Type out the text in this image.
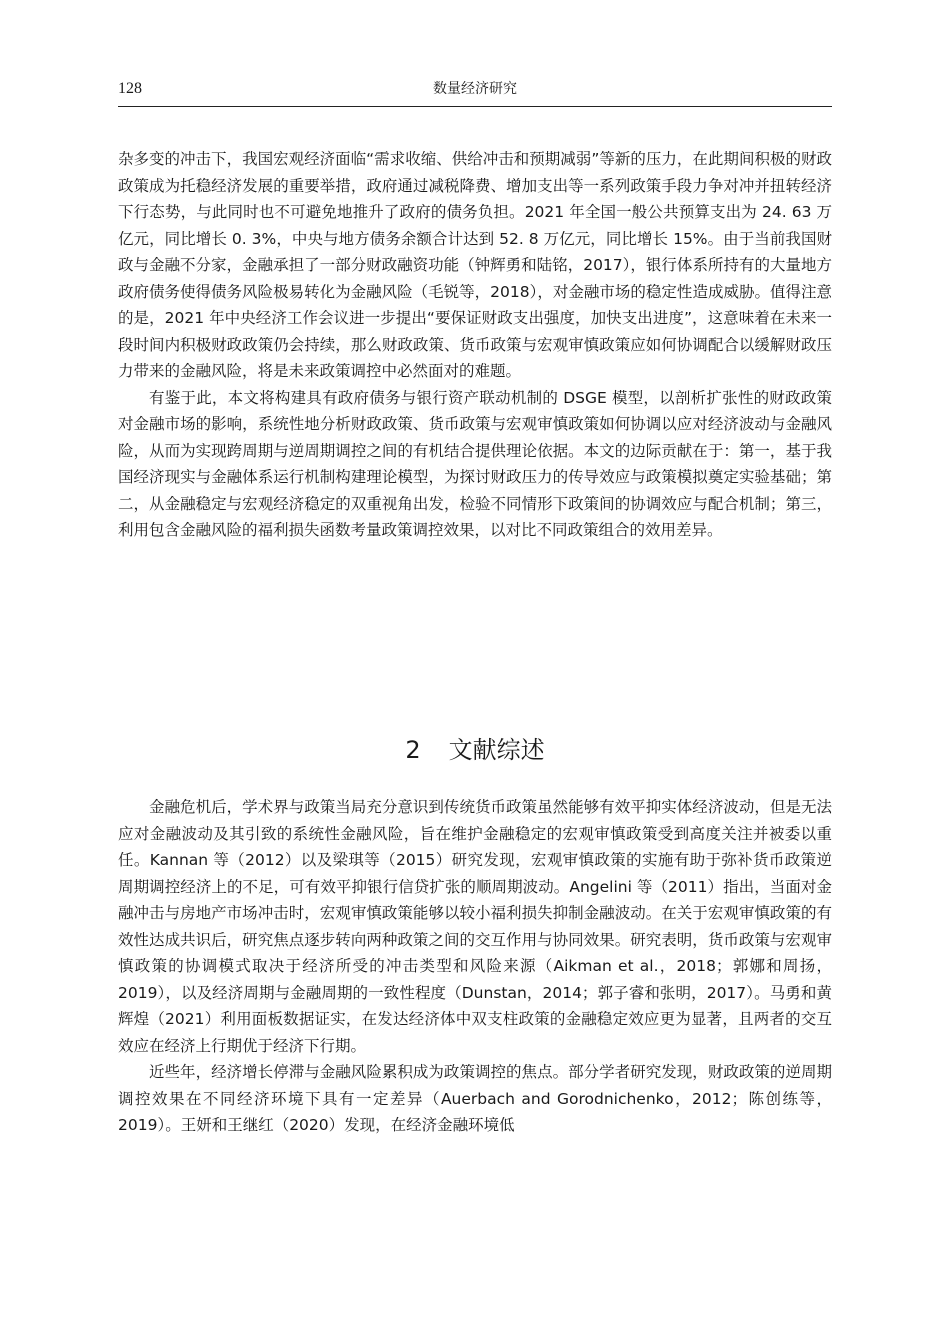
128	数量经济研究

杂多变的冲击下，我国宏观经济面临“需求收缩、供给冲击和预期减弱”等新的压力，在此期间积极的财政政策成为托稳经济发展的重要举措，政府通过减税降费、增加支出等一系列政策手段力争对冲并扭转经济下行态势，与此同时也不可避免地推升了政府的债务负担。2021 年全国一般公共预算支出为 24. 63 万亿元，同比增长 0. 3%，中央与地方债务余额合计达到 52. 8 万亿元，同比增长 15%。由于当前我国财政与金融不分家，金融承担了一部分财政融资功能（钟辉勇和陆铭，2017），银行体系所持有的大量地方政府债务使得债务风险极易转化为金融风险（毛锐等，2018），对金融市场的稳定性造成威胁。值得注意的是，2021 年中央经济工作会议进一步提出“要保证财政支出强度，加快支出进度”，这意味着在未来一段时间内积极财政政策仍会持续，那么财政政策、货币政策与宏观审慎政策应如何协调配合以缓解财政压力带来的金融风险，将是未来政策调控中必然面对的难题。

有鉴于此，本文将构建具有政府债务与银行资产联动机制的 DSGE 模型，以剖析扩张性的财政政策对金融市场的影响，系统性地分析财政政策、货币政策与宏观审慎政策如何协调以应对经济波动与金融风险，从而为实现跨周期与逆周期调控之间的有机结合提供理论依据。本文的边际贡献在于：第一，基于我国经济现实与金融体系运行机制构建理论模型，为探讨财政压力的传导效应与政策模拟奠定实验基础；第二，从金融稳定与宏观经济稳定的双重视角出发，检验不同情形下政策间的协调效应与配合机制；第三，利用包含金融风险的福利损失函数考量政策调控效果，以对比不同政策组合的效用差异。

2 文献综述

金融危机后，学术界与政策当局充分意识到传统货币政策虽然能够有效平抑实体经济波动，但是无法应对金融波动及其引致的系统性金融风险，旨在维护金融稳定的宏观审慎政策受到高度关注并被委以重任。Kannan 等（2012）以及梁琪等（2015）研究发现，宏观审慎政策的实施有助于弥补货币政策逆周期调控经济上的不足，可有效平抑银行信贷扩张的顺周期波动。Angelini 等（2011）指出，当面对金融冲击与房地产市场冲击时，宏观审慎政策能够以较小福利损失抑制金融波动。在关于宏观审慎政策的有效性达成共识后，研究焦点逐步转向两种政策之间的交互作用与协同效果。研究表明，货币政策与宏观审慎政策的协调模式取决于经济所受的冲击类型和风险来源（Aikman et al.，2018；郭娜和周扬，2019），以及经济周期与金融周期的一致性程度（Dunstan，2014；郭子睿和张明，2017）。马勇和黄辉煌（2021）利用面板数据证实，在发达经济体中双支柱政策的金融稳定效应更为显著，且两者的交互效应在经济上行期优于经济下行期。

近些年，经济增长停滞与金融风险累积成为政策调控的焦点。部分学者研究发现，财政政策的逆周期调控效果在不同经济环境下具有一定差异（Auerbach and Gorodnichenko，2012；陈创练等，2019）。王妍和王继红（2020）发现，在经济金融环境低
